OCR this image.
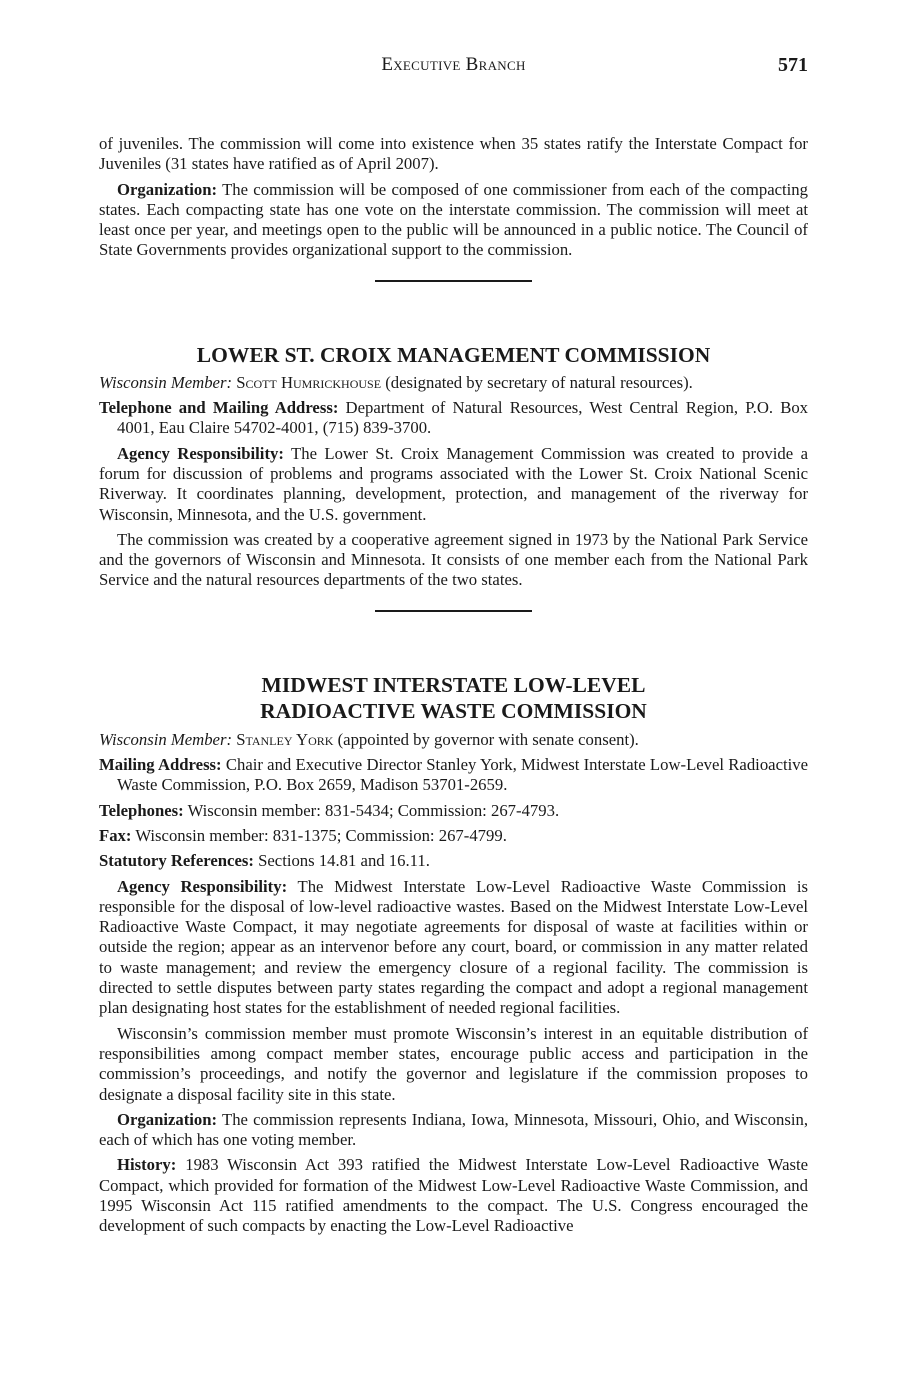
Executive Branch	571

of juveniles. The commission will come into existence when 35 states ratify the Interstate Compact for Juveniles (31 states have ratified as of April 2007).

Organization: The commission will be composed of one commissioner from each of the compacting states. Each compacting state has one vote on the interstate commission. The commission will meet at least once per year, and meetings open to the public will be announced in a public notice. The Council of State Governments provides organizational support to the commission.

LOWER ST. CROIX MANAGEMENT COMMISSION

Wisconsin Member: Scott Humrickhouse (designated by secretary of natural resources).

Telephone and Mailing Address: Department of Natural Resources, West Central Region, P.O. Box 4001, Eau Claire 54702-4001, (715) 839-3700.

Agency Responsibility: The Lower St. Croix Management Commission was created to provide a forum for discussion of problems and programs associated with the Lower St. Croix National Scenic Riverway. It coordinates planning, development, protection, and management of the riverway for Wisconsin, Minnesota, and the U.S. government.

The commission was created by a cooperative agreement signed in 1973 by the National Park Service and the governors of Wisconsin and Minnesota. It consists of one member each from the National Park Service and the natural resources departments of the two states.

MIDWEST INTERSTATE LOW-LEVEL
RADIOACTIVE WASTE COMMISSION

Wisconsin Member: Stanley York (appointed by governor with senate consent).

Mailing Address: Chair and Executive Director Stanley York, Midwest Interstate Low-Level Radioactive Waste Commission, P.O. Box 2659, Madison 53701-2659.

Telephones: Wisconsin member: 831-5434; Commission: 267-4793.

Fax: Wisconsin member: 831-1375; Commission: 267-4799.

Statutory References: Sections 14.81 and 16.11.

Agency Responsibility: The Midwest Interstate Low-Level Radioactive Waste Commission is responsible for the disposal of low-level radioactive wastes. Based on the Midwest Interstate Low-Level Radioactive Waste Compact, it may negotiate agreements for disposal of waste at facilities within or outside the region; appear as an intervenor before any court, board, or commission in any matter related to waste management; and review the emergency closure of a regional facility. The commission is directed to settle disputes between party states regarding the compact and adopt a regional management plan designating host states for the establishment of needed regional facilities.

Wisconsin’s commission member must promote Wisconsin’s interest in an equitable distribution of responsibilities among compact member states, encourage public access and participation in the commission’s proceedings, and notify the governor and legislature if the commission proposes to designate a disposal facility site in this state.

Organization: The commission represents Indiana, Iowa, Minnesota, Missouri, Ohio, and Wisconsin, each of which has one voting member.

History: 1983 Wisconsin Act 393 ratified the Midwest Interstate Low-Level Radioactive Waste Compact, which provided for formation of the Midwest Low-Level Radioactive Waste Commission, and 1995 Wisconsin Act 115 ratified amendments to the compact. The U.S. Congress encouraged the development of such compacts by enacting the Low-Level Radioactive
